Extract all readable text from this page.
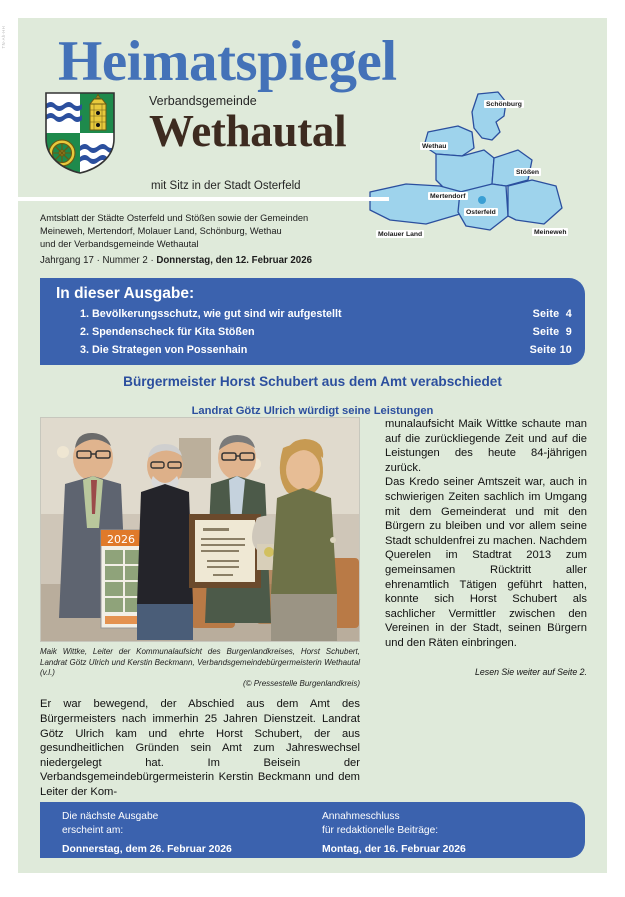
TN-Ah-HH Heimatspiegel
Verbandsgemeinde
Wethautal
mit Sitz in der Stadt Osterfeld
Schönburg
Wethau
Stößen
Mertendorf
Molauer Land	Meineweh
Osterfeld
Amtsblatt der Städte Osterfeld und Stößen sowie der Gemeinden
Meineweh, Mertendorf, Molauer Land, Schönburg, Wethau
und der Verbandsgemeinde Wethautal
Jahrgang 17 · Nummer 2 · Donnerstag, den 12. Februar 2026
In dieser Ausgabe:
1. Bevölkerungsschutz, wie gut sind wir aufgestellt	Seite  4
2. Spendenscheck für Kita Stößen	Seite  9
3. Die Strategen von Possenhain	Seite 10
Bürgermeister Horst Schubert aus dem Amt verabschiedet
Landrat Götz Ulrich würdigt seine Leistungen
2026
Maik Wittke, Leiter der Kommunalaufsicht des Burgenlandkreises, Horst Schubert, Landrat Götz Ulrich und Kerstin Beckmann, Verbandsgemeindebürgermeisterin Wethautal (v.l.)
(© Pressestelle Burgenlandkreis)

Er war bewegend, der Abschied aus dem Amt des Bürgermeisters nach immerhin 25 Jahren Dienstzeit. Landrat Götz Ulrich kam und ehrte Horst Schubert, der aus gesundheitlichen Gründen sein Amt zum Jahreswechsel niedergelegt hat. Im Beisein der Verbandsgemeindebürgermeisterin Kerstin Beckmann und dem Leiter der Kom-

munalaufsicht Maik Wittke schaute man auf die zurückliegende Zeit und auf die Leistungen des heute 84-jährigen zurück.

Das Kredo seiner Amtszeit war, auch in schwierigen Zeiten sachlich im Umgang mit dem Gemeinderat und mit den Bürgern zu bleiben und vor allem seine Stadt schuldenfrei zu machen. Nachdem Querelen im Stadtrat 2013 zum gemeinsamen Rücktritt aller ehrenamtlich Tätigen geführt hatten, konnte sich Horst Schubert als sachlicher Vermittler zwischen den Vereinen in der Stadt, seinen Bürgern und den Räten einbringen.

Lesen Sie weiter auf Seite 2.
Die nächste Ausgabe
erscheint am:
Donnerstag, dem 26. Februar 2026
Annahmeschluss
für redaktionelle Beiträge:
Montag, der 16. Februar 2026
